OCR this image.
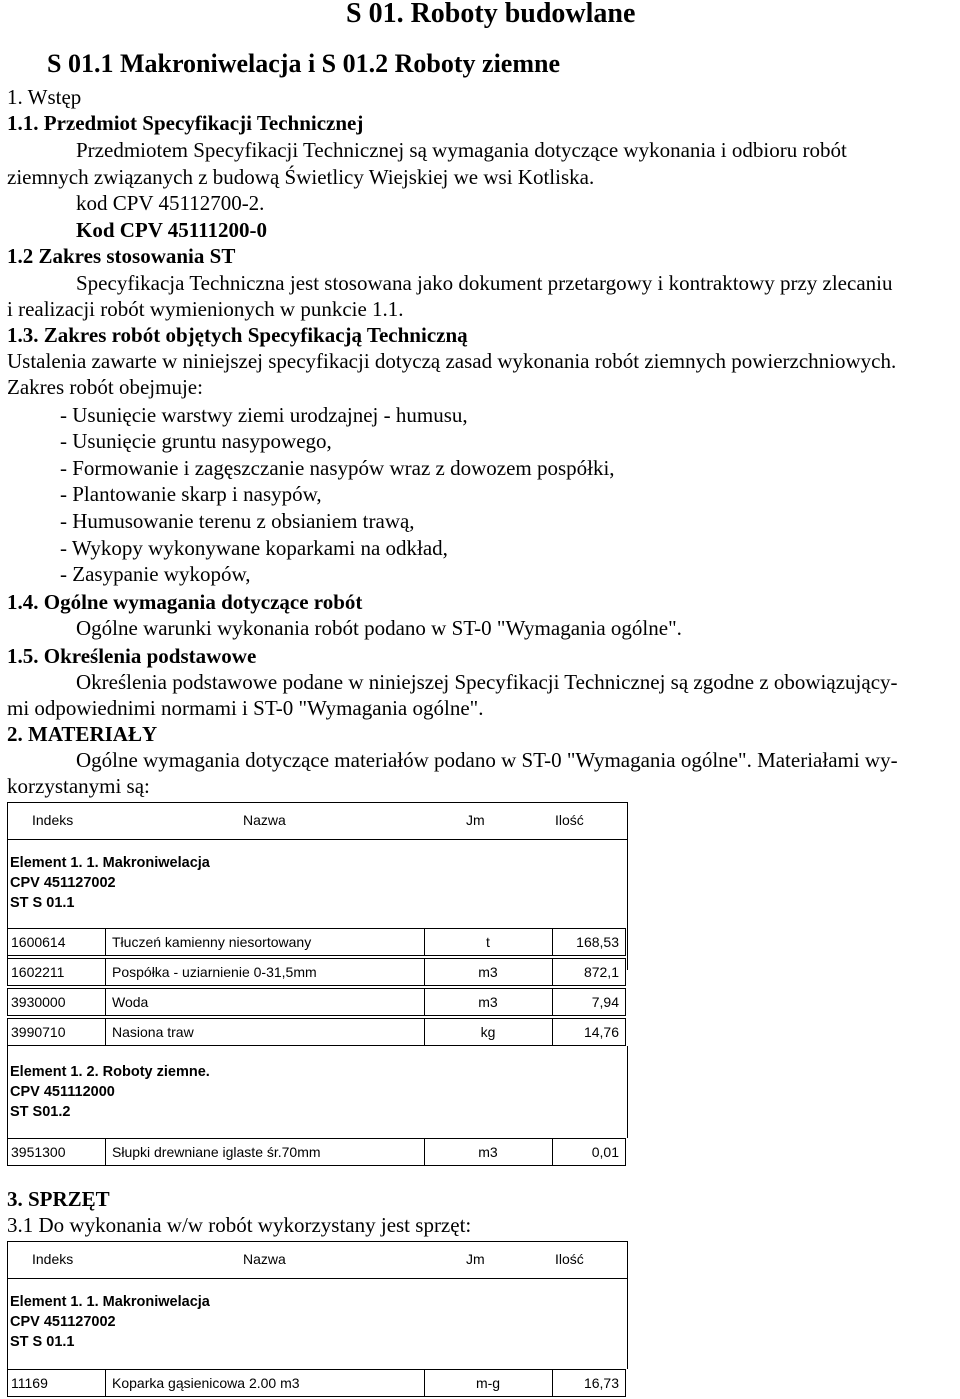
S 01. Roboty budowlane
S 01.1 Makroniwelacja i S 01.2 Roboty ziemne
1. Wstęp
1.1. Przedmiot Specyfikacji Technicznej
Przedmiotem Specyfikacji Technicznej są wymagania dotyczące wykonania i odbioru robót
ziemnych związanych z budową Świetlicy Wiejskiej we wsi Kotliska.
kod CPV 45112700-2.
Kod CPV 45111200-0
1.2 Zakres stosowania ST
Specyfikacja Techniczna jest stosowana jako dokument przetargowy i kontraktowy przy zlecaniu
i realizacji robót wymienionych w punkcie 1.1.
1.3. Zakres robót objętych Specyfikacją Techniczną
Ustalenia zawarte w niniejszej specyfikacji dotyczą zasad wykonania robót ziemnych powierzchniowych.
Zakres robót obejmuje:
- Usunięcie warstwy ziemi urodzajnej - humusu,
- Usunięcie gruntu nasypowego,
- Formowanie i zagęszczanie nasypów wraz z dowozem pospółki,
- Plantowanie skarp i nasypów,
- Humusowanie terenu z obsianiem trawą,
- Wykopy wykonywane koparkami na odkład,
- Zasypanie wykopów,
1.4. Ogólne wymagania dotyczące robót
Ogólne warunki wykonania robót podano w ST-0 "Wymagania ogólne".
1.5. Określenia podstawowe
Określenia podstawowe podane w niniejszej Specyfikacji Technicznej są zgodne z obowiązujący-
mi odpowiednimi normami i ST-0 "Wymagania ogólne".
2. MATERIAŁY
Ogólne wymagania dotyczące materiałów podano w ST-0 "Wymagania ogólne". Materiałami wy-
korzystanymi są:
Indeks	Nazwa	Jm	Ilość
Element 1. 1. Makroniwelacja
CPV 451127002
ST S 01.1
1600614	Tłuczeń kamienny niesortowany	t	168,53
1602211	Pospółka - uziarnienie 0-31,5mm	m3	872,1
3930000	Woda	m3	7,94
3990710	Nasiona traw	kg	14,76
Element 1. 2. Roboty ziemne.
CPV 451112000
ST S01.2
3951300	Słupki drewniane iglaste śr.70mm	m3	0,01
3. SPRZĘT
3.1 Do wykonania w/w robót wykorzystany jest sprzęt:
Indeks	Nazwa	Jm	Ilość
Element 1. 1. Makroniwelacja
CPV 451127002
ST S 01.1
11169	Koparka gąsienicowa 2.00 m3	m-g	16,73
